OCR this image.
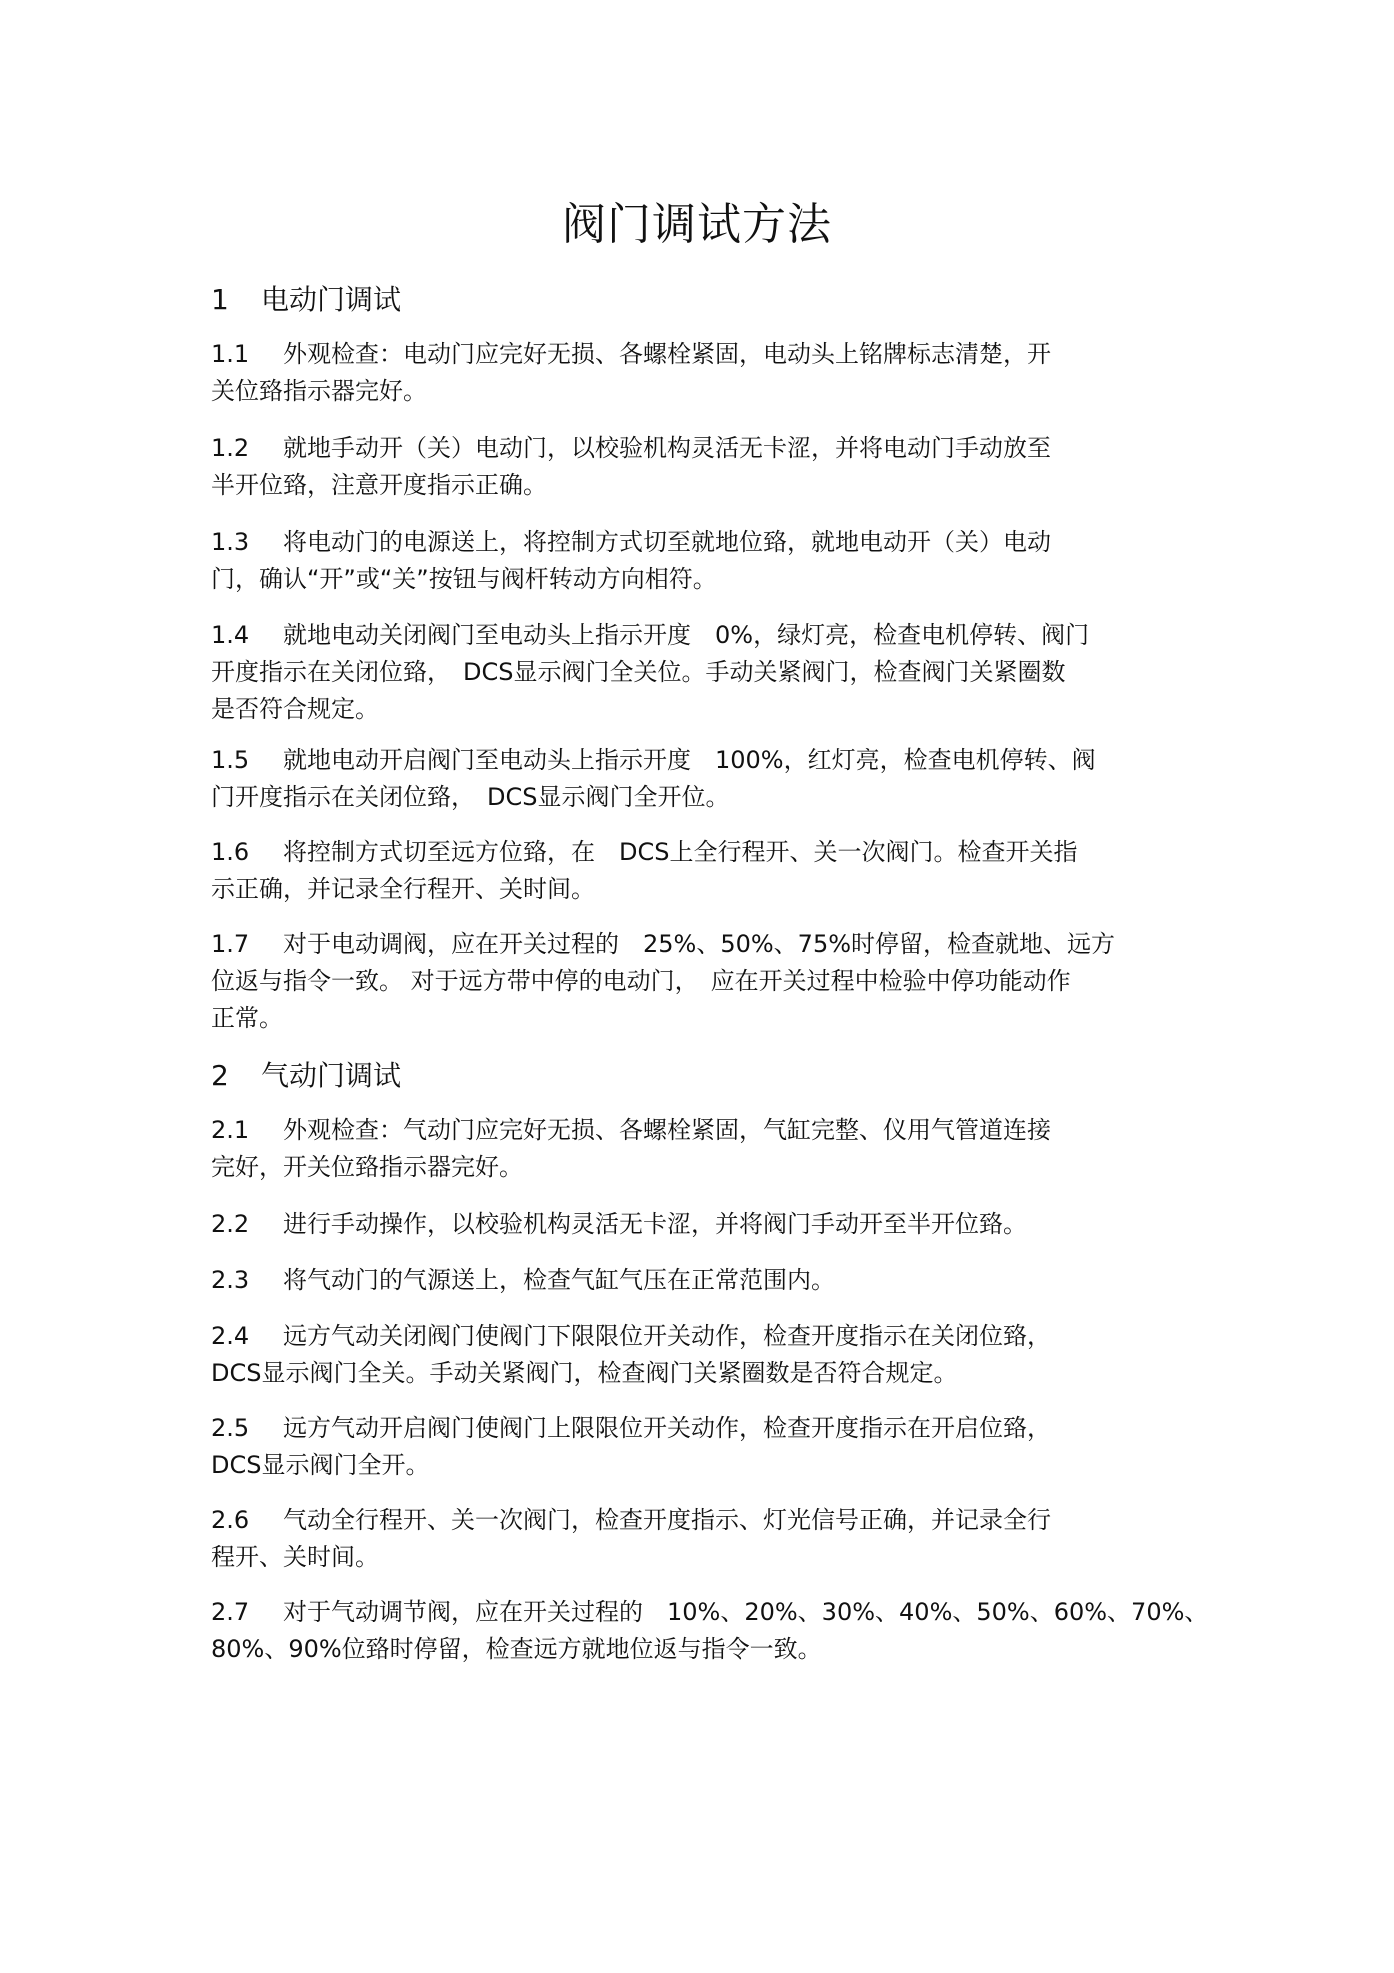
阀门调试方法
1 电动门调试
1.1 外观检查：电动门应完好无损、各螺栓紧固，电动头上铭牌标志清楚，开
关位臵指示器完好。
1.2 就地手动开（关）电动门，以校验机构灵活无卡涩，并将电动门手动放至
半开位臵，注意开度指示正确。
1.3 将电动门的电源送上，将控制方式切至就地位臵，就地电动开（关）电动
门，确认“开”或“关”按钮与阀杆转动方向相符。
1.4 就地电动关闭阀门至电动头上指示开度　0%，绿灯亮，检查电机停转、阀门
开度指示在关闭位臵，　DCS显示阀门全关位。手动关紧阀门，检查阀门关紧圈数
是否符合规定。
1.5 就地电动开启阀门至电动头上指示开度　100%，红灯亮，检查电机停转、阀
门开度指示在关闭位臵，　DCS显示阀门全开位。
1.6 将控制方式切至远方位臵，在　DCS上全行程开、关一次阀门。检查开关指
示正确，并记录全行程开、关时间。
1.7 对于电动调阀，应在开关过程的　25%、50%、75%时停留，检查就地、远方
位返与指令一致。 对于远方带中停的电动门，　应在开关过程中检验中停功能动作
正常。
2 气动门调试
2.1 外观检查：气动门应完好无损、各螺栓紧固，气缸完整、仪用气管道连接
完好，开关位臵指示器完好。
2.2 进行手动操作，以校验机构灵活无卡涩，并将阀门手动开至半开位臵。
2.3 将气动门的气源送上，检查气缸气压在正常范围内。
2.4 远方气动关闭阀门使阀门下限限位开关动作，检查开度指示在关闭位臵，
DCS显示阀门全关。手动关紧阀门，检查阀门关紧圈数是否符合规定。
2.5 远方气动开启阀门使阀门上限限位开关动作，检查开度指示在开启位臵，
DCS显示阀门全开。
2.6 气动全行程开、关一次阀门，检查开度指示、灯光信号正确，并记录全行
程开、关时间。
2.7 对于气动调节阀，应在开关过程的　10%、20%、30%、40%、50%、60%、70%、
80%、90%位臵时停留，检查远方就地位返与指令一致。
